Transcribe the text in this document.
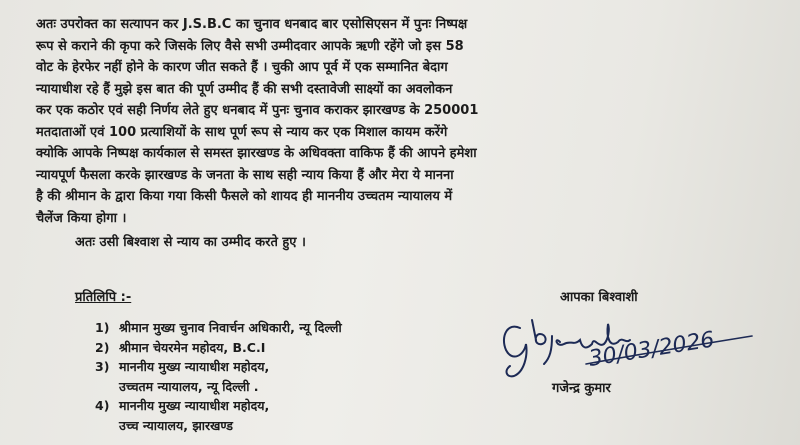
अतः उपरोक्त का सत्यापन कर J.S.B.C का चुनाव धनबाद बार एसोसिएसन में पुनः निष्पक्ष
रूप से कराने की कृपा करे जिसके लिए वैसे सभी उम्मीदवार आपके ऋणी रहेंगे जो इस 58
वोट के हेरफेर नहीं होने के कारण जीत सकते हैं । चुकी आप पूर्व में एक सम्मानित बेदाग
न्यायाधीश रहे हैं मुझे इस बात की पूर्ण उम्मीद हैं की सभी दस्तावेजी साक्ष्यों का अवलोकन
कर एक कठोर एवं सही निर्णय लेते हुए धनबाद में पुनः चुनाव कराकर झारखण्ड के 250001
मतदाताओं एवं 100 प्रत्याशियों के साथ पूर्ण रूप से न्याय कर एक मिशाल कायम करेंगे
क्योकि आपके निष्पक्ष कार्यकाल से समस्त झारखण्ड के अधिवक्ता वाकिफ हैं की आपने हमेशा
न्यायपूर्ण फैसला करके झारखण्ड के जनता के साथ सही न्याय किया हैं और मेरा ये मानना
है की श्रीमान के द्वारा किया गया किसी फैसले को शायद ही माननीय उच्चतम न्यायालय में
चैलेंज किया होगा ।
अतः उसी बिश्वाश से न्याय का उम्मीद करते हुए ।
प्रतिलिपि :-
1) श्रीमान मुख्य चुनाव निवार्चन अधिकारी, न्यू दिल्ली
2) श्रीमान चेयरमेन महोदय, B.C.I
3) माननीय मुख्य न्यायाधीश महोदय,
उच्चतम न्यायालय, न्यू दिल्ली .
4) माननीय मुख्य न्यायाधीश महोदय,
उच्च न्यायालय, झारखण्ड
आपका बिश्वाशी
30/03/2026
गजेन्द्र कुमार
